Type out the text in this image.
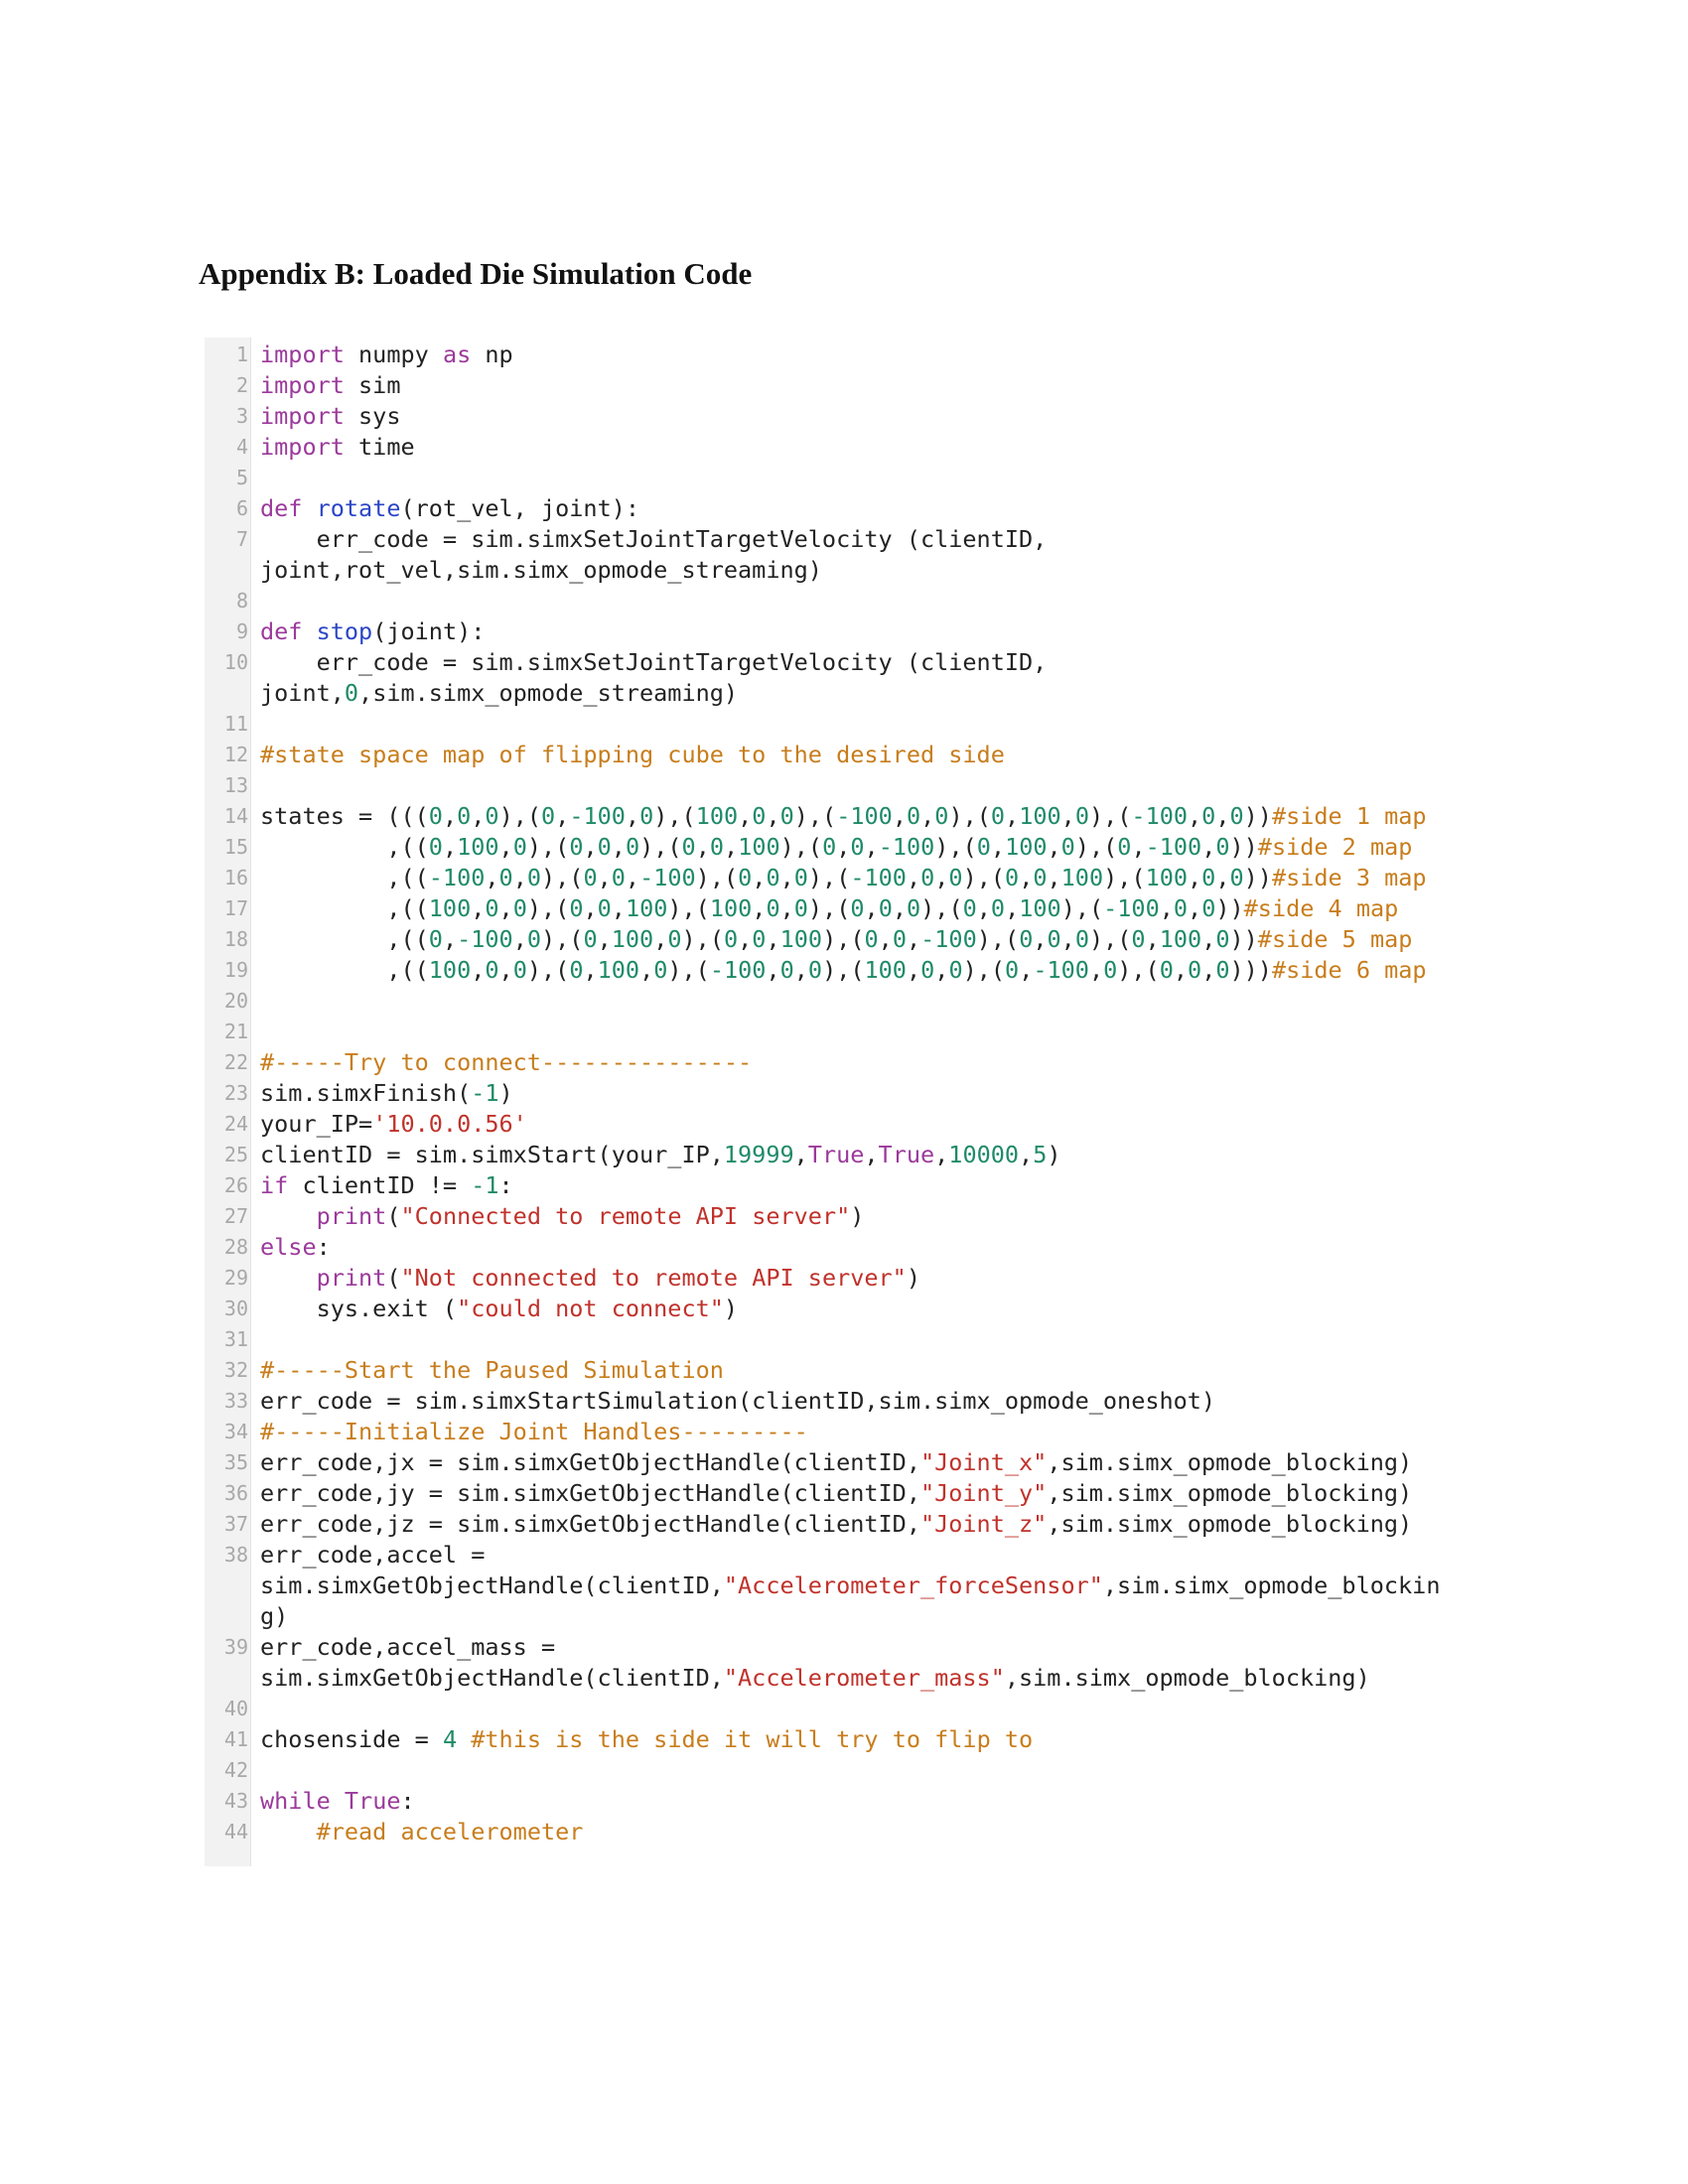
Appendix B: Loaded Die Simulation Code
1 import numpy as np
2 import sim
3 import sys
4 import time
5
6 def rotate(rot_vel, joint):
7 err_code = sim.simxSetJointTargetVelocity (clientID,
joint,rot_vel,sim.simx_opmode_streaming)
8
9 def stop(joint):
10 err_code = sim.simxSetJointTargetVelocity (clientID,
joint,0,sim.simx_opmode_streaming)
11
12 #state space map of flipping cube to the desired side
13
14 states = (((0,0,0),(0,-100,0),(100,0,0),(-100,0,0),(0,100,0),(-100,0,0))#side 1 map
15 ,((0,100,0),(0,0,0),(0,0,100),(0,0,-100),(0,100,0),(0,-100,0))#side 2 map
16 ,((-100,0,0),(0,0,-100),(0,0,0),(-100,0,0),(0,0,100),(100,0,0))#side 3 map
17 ,((100,0,0),(0,0,100),(100,0,0),(0,0,0),(0,0,100),(-100,0,0))#side 4 map
18 ,((0,-100,0),(0,100,0),(0,0,100),(0,0,-100),(0,0,0),(0,100,0))#side 5 map
19 ,((100,0,0),(0,100,0),(-100,0,0),(100,0,0),(0,-100,0),(0,0,0)))#side 6 map
20
21
22 #-----Try to connect---------------
23 sim.simxFinish(-1)
24 your_IP='10.0.0.56'
25 clientID = sim.simxStart(your_IP,19999,True,True,10000,5)
26 if clientID != -1:
27	print("Connected to remote API server")
28 else:
29	print("Not connected to remote API server")
30 sys.exit ("could not connect")
31
32 #-----Start the Paused Simulation
33 err_code = sim.simxStartSimulation(clientID,sim.simx_opmode_oneshot)
34 #-----Initialize Joint Handles---------
35 err_code,jx = sim.simxGetObjectHandle(clientID,"Joint_x",sim.simx_opmode_blocking)
36 err_code,jy = sim.simxGetObjectHandle(clientID,"Joint_y",sim.simx_opmode_blocking)
37 err_code,jz = sim.simxGetObjectHandle(clientID,"Joint_z",sim.simx_opmode_blocking)
38 err_code,accel =
sim.simxGetObjectHandle(clientID,"Accelerometer_forceSensor",sim.simx_opmode_blockin
g)
39 err_code,accel_mass =
sim.simxGetObjectHandle(clientID,"Accelerometer_mass",sim.simx_opmode_blocking)
40
41 chosenside = 4 #this is the side it will try to flip to
42
43 while True:
44	#read accelerometer
